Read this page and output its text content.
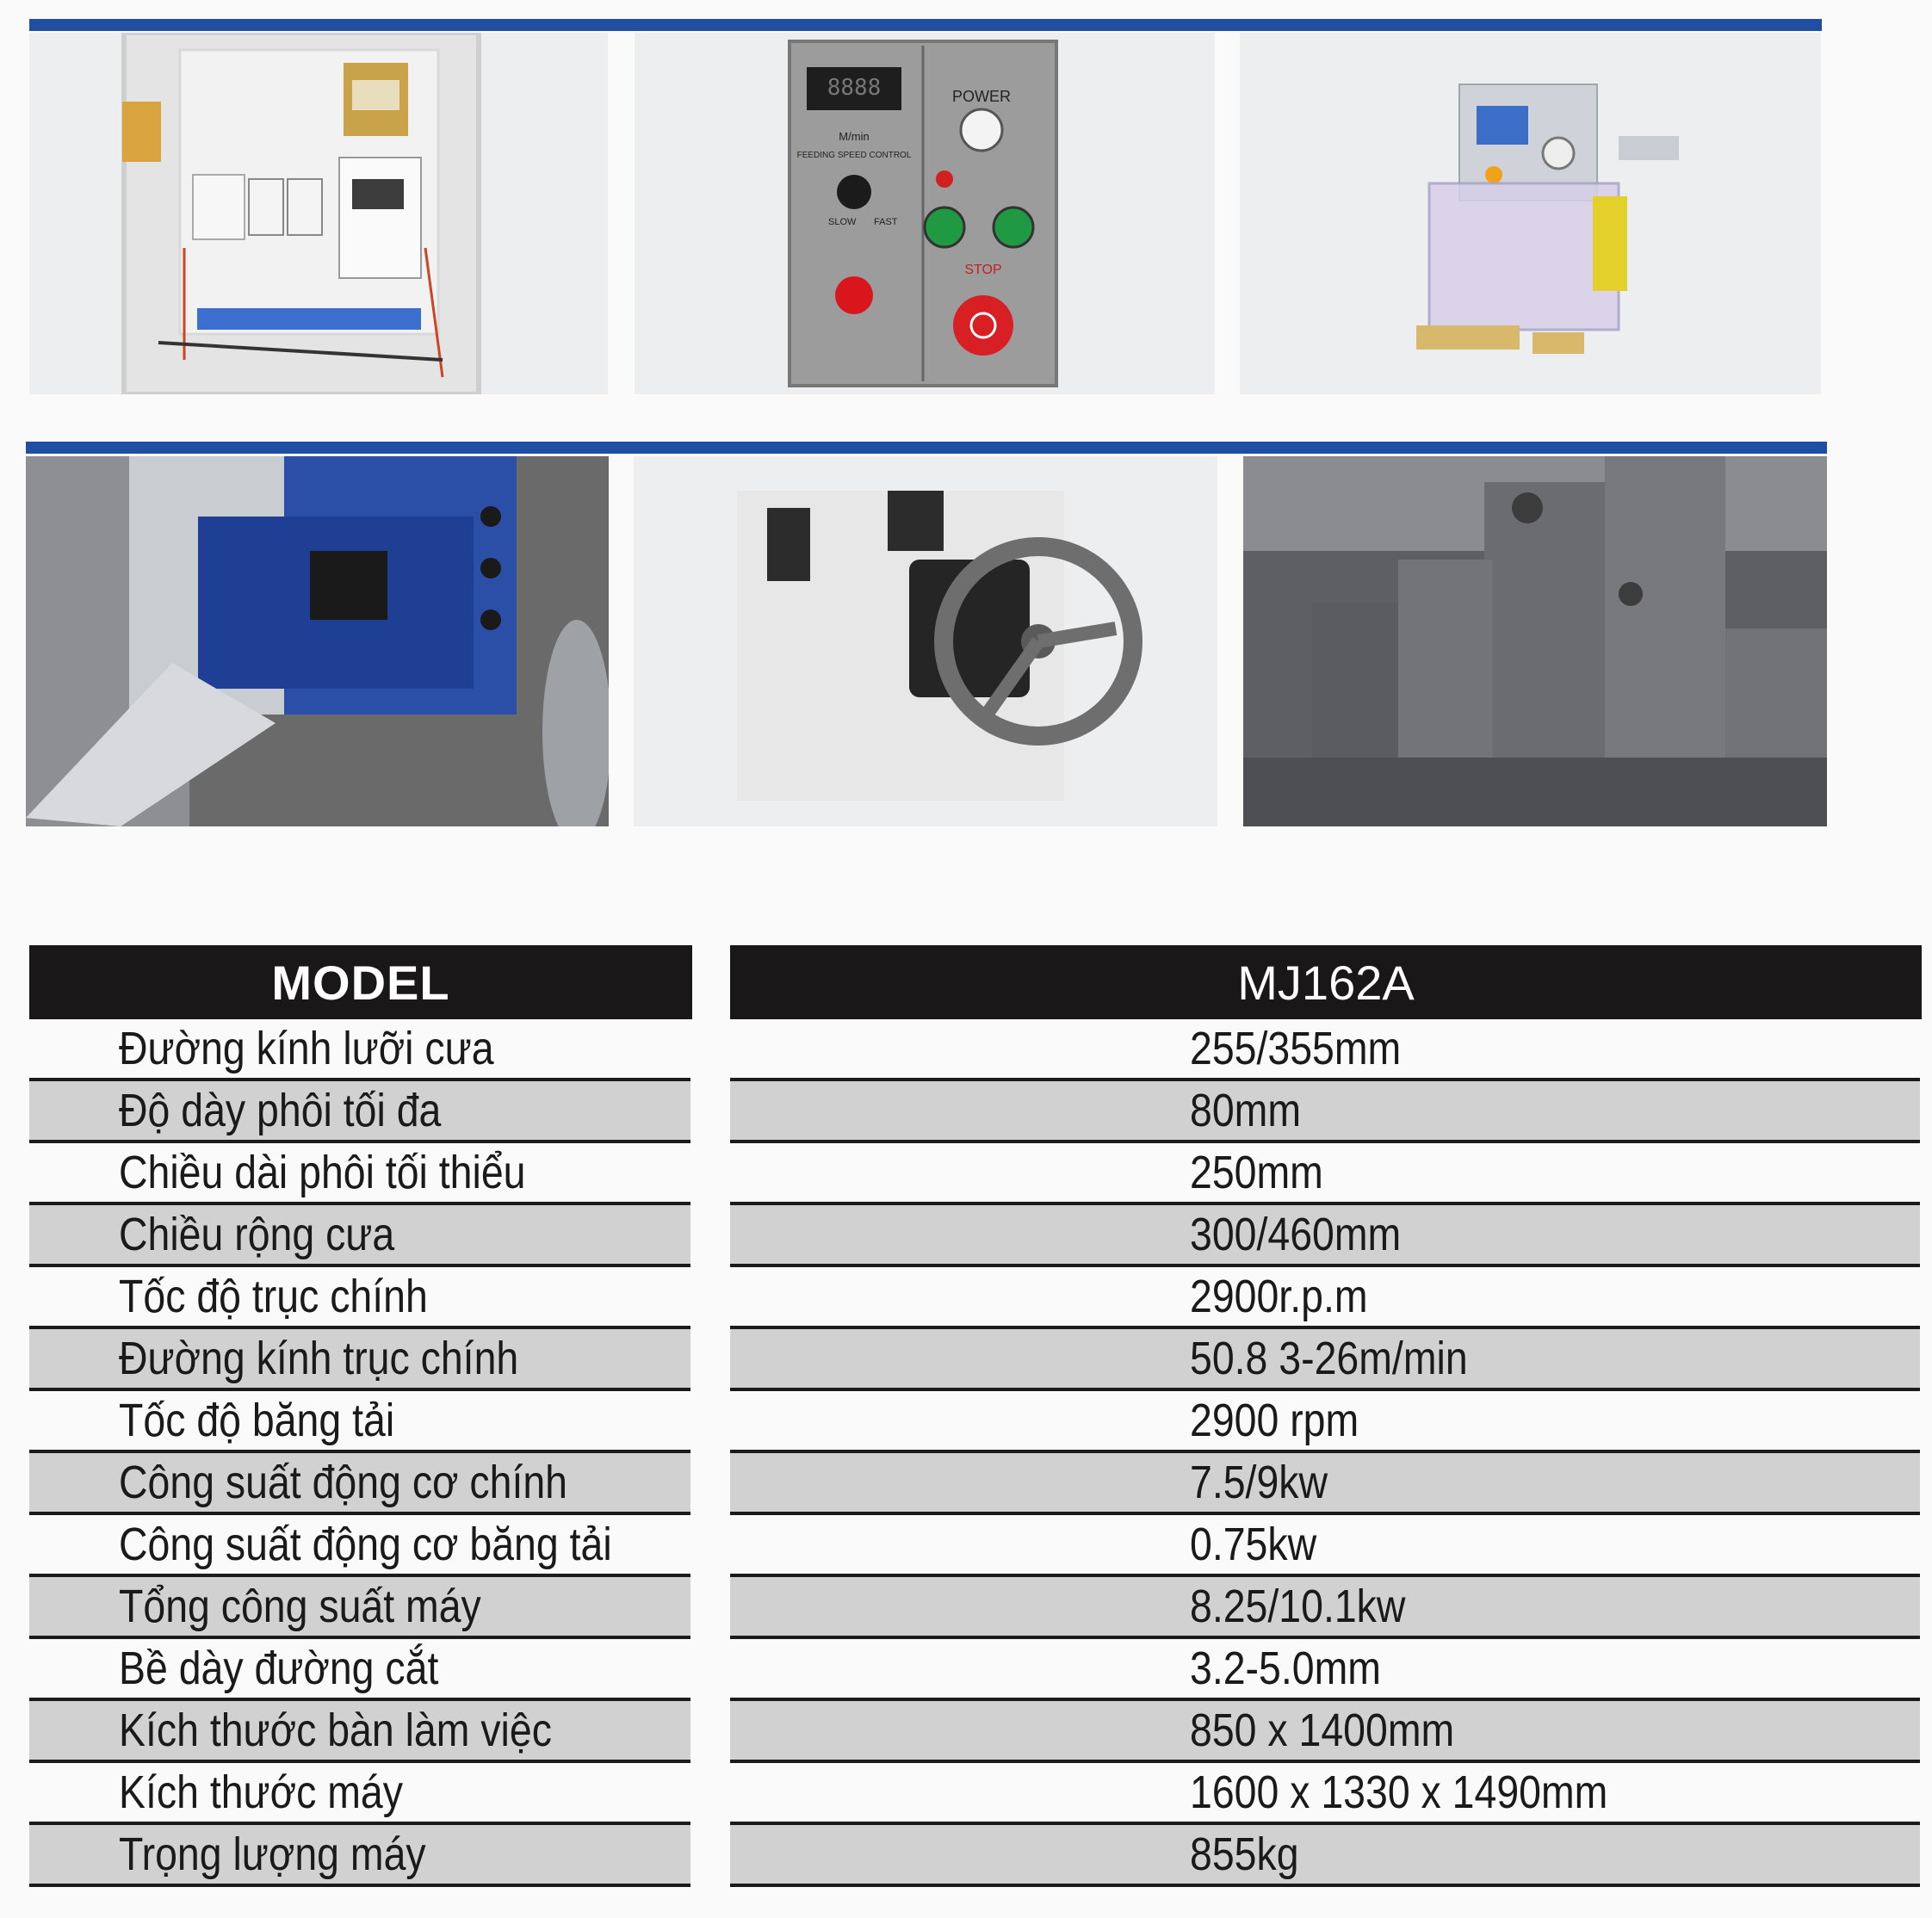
8888
M/min
FEEDING SPEED CONTROL
SLOW FAST
POWER
STOP
MODEL	MJ162A
Đường kính lưỡi cưa	255/355mm
Độ dày phôi tối đa	80mm
Chiều dài phôi tối thiểu	250mm
Chiều rộng cưa	300/460mm
Tốc độ trục chính	2900r.p.m
Đường kính trục chính	50.8 3-26m/min
Tốc độ băng tải	2900 rpm
Công suất động cơ chính	7.5/9kw
Công suất động cơ băng tải	0.75kw
Tổng công suất máy	8.25/10.1kw
Bề dày đường cắt	3.2-5.0mm
Kích thước bàn làm việc	850 x 1400mm
Kích thước máy	1600 x 1330 x 1490mm
Trọng lượng máy	855kg
